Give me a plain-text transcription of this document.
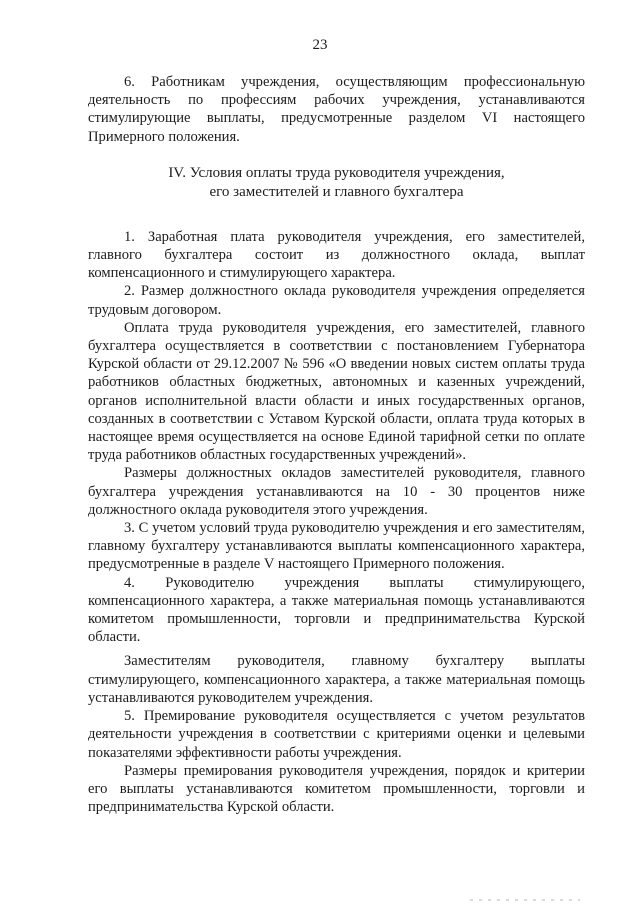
23

6. Работникам учреждения, осуществляющим профессиональную деятельность по профессиям рабочих учреждения, устанавливаются стимулирующие выплаты, предусмотренные разделом VI настоящего Примерного положения.

IV. Условия оплаты труда руководителя учреждения,
его заместителей и главного бухгалтера

1. Заработная плата руководителя учреждения, его заместителей, главного бухгалтера состоит из должностного оклада, выплат компенсационного и стимулирующего характера.

2. Размер должностного оклада руководителя учреждения определяется трудовым договором.

Оплата труда руководителя учреждения, его заместителей, главного бухгалтера осуществляется в соответствии с постановлением Губернатора Курской области от 29.12.2007 № 596 «О введении новых систем оплаты труда работников областных бюджетных, автономных и казенных учреждений, органов исполнительной власти области и иных государственных органов, созданных в соответствии с Уставом Курской области, оплата труда которых в настоящее время осуществляется на основе Единой тарифной сетки по оплате труда работников областных государственных учреждений».

Размеры должностных окладов заместителей руководителя, главного бухгалтера учреждения устанавливаются на 10 - 30 процентов ниже должностного оклада руководителя этого учреждения.

3. С учетом условий труда руководителю учреждения и его заместителям, главному бухгалтеру устанавливаются выплаты компенсационного характера, предусмотренные в разделе V настоящего Примерного положения.

4. Руководителю учреждения выплаты стимулирующего, компенсационного характера, а также материальная помощь устанавливаются комитетом промышленности, торговли и предпринимательства Курской области.

Заместителям руководителя, главному бухгалтеру выплаты стимулирующего, компенсационного характера, а также материальная помощь устанавливаются руководителем учреждения.

5. Премирование руководителя осуществляется с учетом результатов деятельности учреждения в соответствии с критериями оценки и целевыми показателями эффективности работы учреждения.

Размеры премирования руководителя учреждения, порядок и критерии его выплаты устанавливаются комитетом промышленности, торговли и предпринимательства Курской области.
